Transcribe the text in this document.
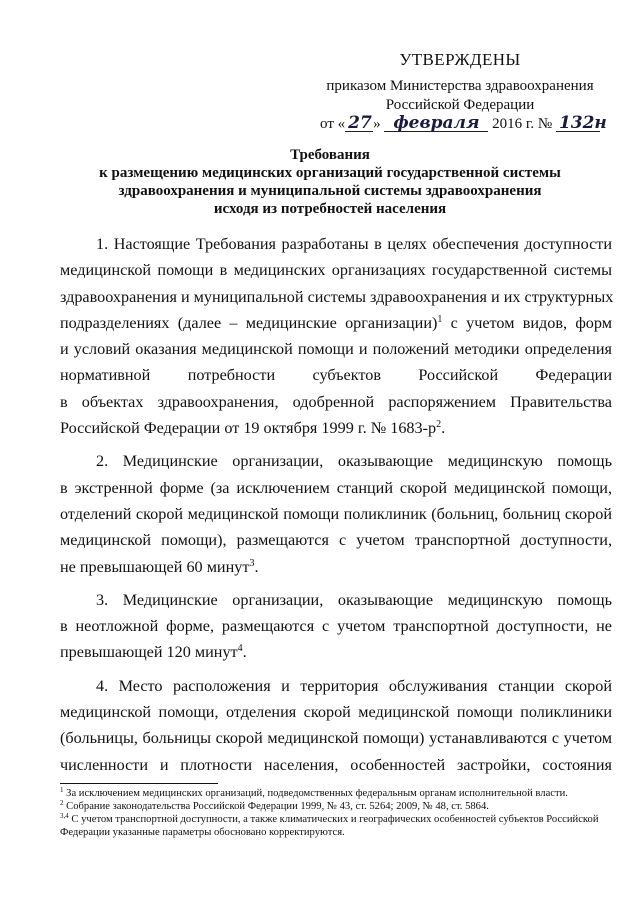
УТВЕРЖДЕНЫ
приказом Министерства здравоохранения
Российской Федерации
от « 27» февраля 2016 г. № 132н
Требования
к размещению медицинских организаций государственной системы
здравоохранения и муниципальной системы здравоохранения
исходя из потребностей населения
1. Настоящие Требования разработаны в целях обеспечения доступности
медицинской помощи в медицинских организациях государственной системы
здравоохранения и муниципальной системы здравоохранения и их структурных
подразделениях (далее – медицинские организации)$^1$ с учетом видов, форм
и условий оказания медицинской помощи и положений методики определения
нормативной потребности субъектов Российской Федерации
в объектах здравоохранения, одобренной распоряжением Правительства
Российской Федерации от 19 октября 1999 г. № $1683-р^2$.
2. Медицинские организации, оказывающие медицинскую помощь
в экстренной форме (за исключением станций скорой медицинской помощи,
отделений скорой медицинской помощи поликлиник (больниц, больниц скорой
медицинской помощи), размещаются с учетом транспортной доступности,
не превышающей 60 минут$^3$.
3. Медицинские организации, оказывающие медицинскую помощь
в неотложной форме, размещаются с учетом транспортной доступности, не
превышающей 120 минут$^4$.
4. Место расположения и территория обслуживания станции скорой
медицинской помощи, отделения скорой медицинской помощи поликлиники
(больницы, больницы скорой медицинской помощи) устанавливаются с учетом
численности и плотности населения, особенностей застройки, состояния
$^1$ За исключением медицинских организаций, подведомственных федеральным органам исполнительной власти.
$^2$ Собрание законодательства Российской Федерации 1999, № 43, ст. 5264; 2009, № 48, ст. 5864.
$^{3,4}$ С учетом транспортной доступности, а также климатических и географических особенностей субъектов Российской
Федерации указанные параметры обосновано корректируются.
